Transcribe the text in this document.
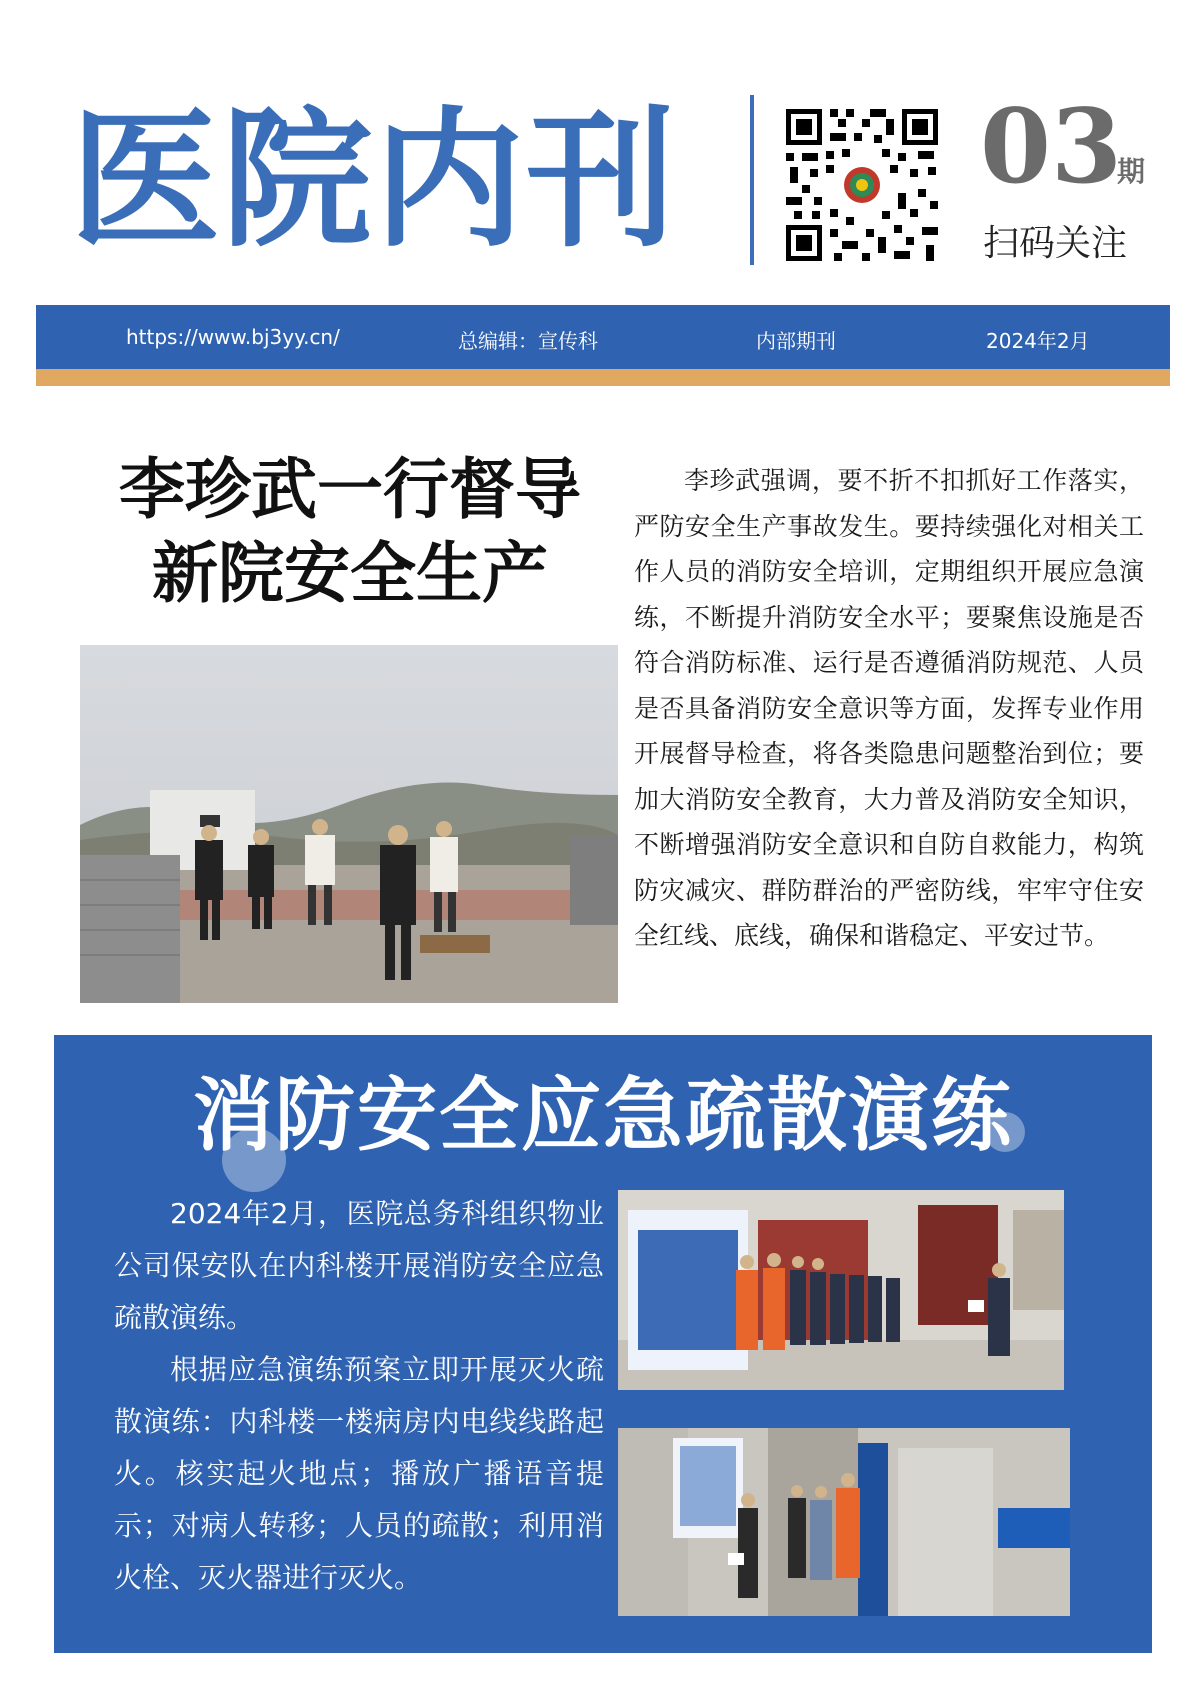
医院内刊	03
期
扫码关注
https://www.bj3yy.cn/	总编辑：宣传科	内部期刊	2024年2月
李珍武一行督导
新院安全生产
李珍武强调，要不折不扣抓好工作落实，严防安全生产事故发生。要持续强化对相关工作人员的消防安全培训，定期组织开展应急演练，不断提升消防安全水平；要聚焦设施是否符合消防标准、运行是否遵循消防规范、人员是否具备消防安全意识等方面，发挥专业作用开展督导检查，将各类隐患问题整治到位；要加大消防安全教育，大力普及消防安全知识，不断增强消防安全意识和自防自救能力，构筑防灾减灾、群防群治的严密防线，牢牢守住安全红线、底线，确保和谐稳定、平安过节。
消防安全应急疏散演练

2024年2月，医院总务科组织物业公司保安队在内科楼开展消防安全应急疏散演练。

根据应急演练预案立即开展灭火疏散演练：内科楼一楼病房内电线线路起火。核实起火地点；播放广播语音提示；对病人转移；人员的疏散；利用消火栓、灭火器进行灭火。
